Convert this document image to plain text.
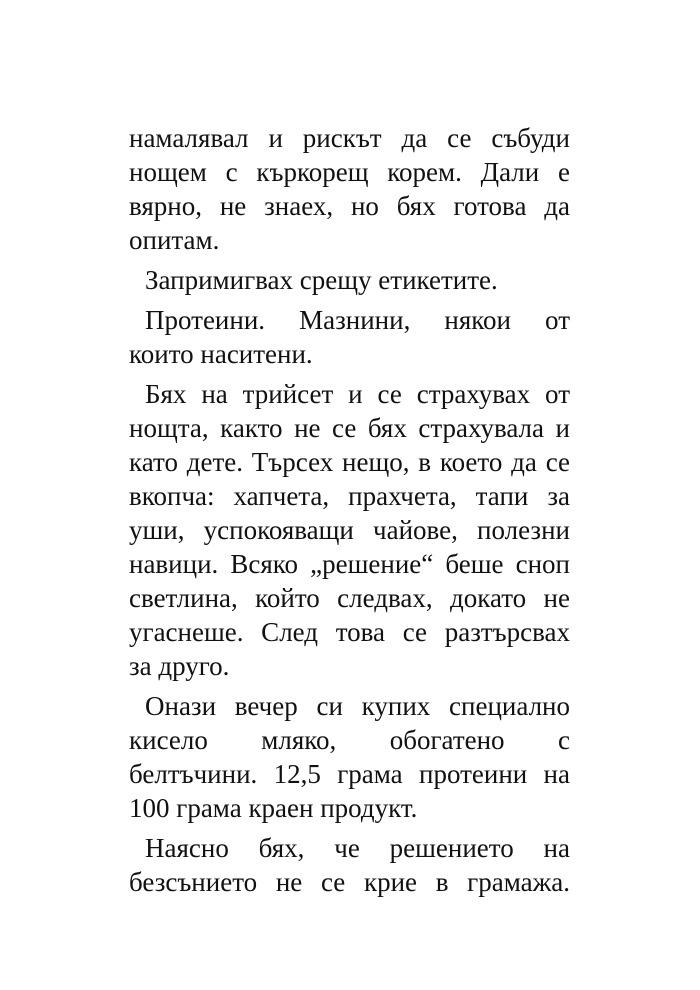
намалявал и рискът да се събуди
нощем с къркорещ корем. Дали е
вярно, не знаех, но бях готова да
опитам.
Запримигвах срещу етикетите.
Протеини. Мазнини, някои от
които наситени.
Бях на трийсет и се страхувах от
нощта, както не се бях страхувала и
като дете. Търсех нещо, в което да се
вкопча: хапчета, прахчета, тапи за
уши, успокояващи чайове, полезни
навици. Всяко „решение“ беше сноп
светлина, който следвах, докато не
угаснеше. След това се разтърсвах
за друго.
Онази вечер си купих специално
кисело мляко, обогатено с
белтъчини. 12,5 грама протеини на
100 грама краен продукт.
Наясно бях, че решението на
безсънието не се крие в грамажа.
